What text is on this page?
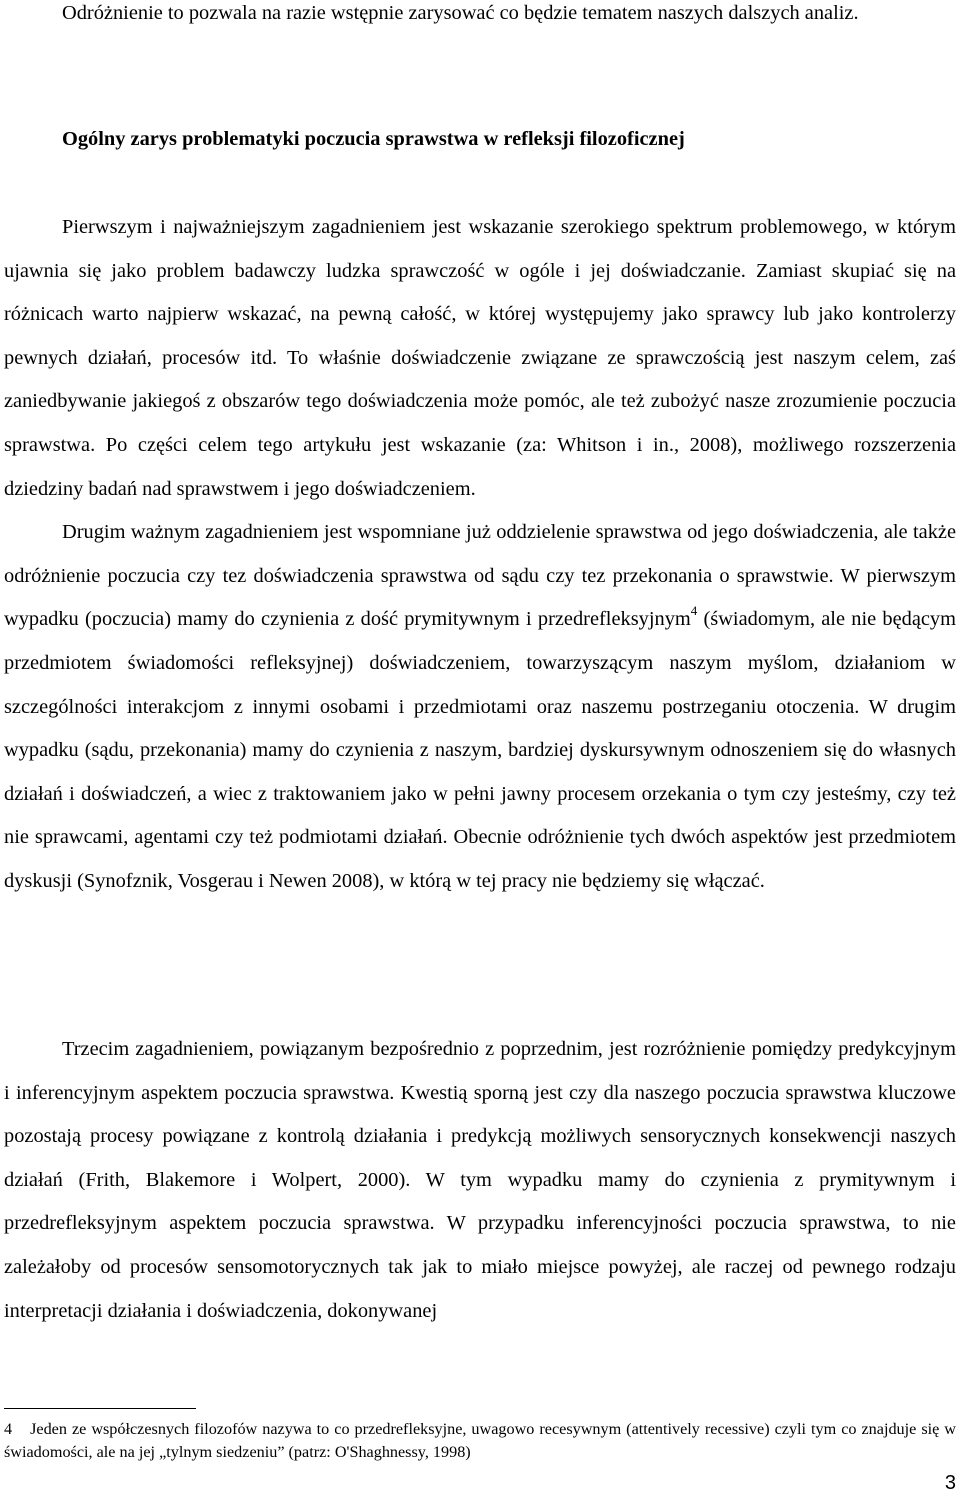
Odróżnienie to pozwala na razie wstępnie zarysować co będzie tematem naszych dalszych analiz.

Ogólny zarys problematyki poczucia sprawstwa w refleksji filozoficznej

Pierwszym i najważniejszym zagadnieniem jest wskazanie szerokiego spektrum problemowego, w którym ujawnia się jako problem badawczy ludzka sprawczość w ogóle i jej doświadczanie. Zamiast skupiać się na różnicach warto najpierw wskazać, na pewną całość, w której występujemy jako sprawcy lub jako kontrolerzy pewnych działań, procesów itd. To właśnie doświadczenie związane ze sprawczością jest naszym celem, zaś zaniedbywanie jakiegoś z obszarów tego doświadczenia może pomóc, ale też zubożyć nasze zrozumienie poczucia sprawstwa. Po części celem tego artykułu jest wskazanie (za: Whitson i in., 2008), możliwego rozszerzenia dziedziny badań nad sprawstwem i jego doświadczeniem.

Drugim ważnym zagadnieniem jest wspomniane już oddzielenie sprawstwa od jego doświadczenia, ale także odróżnienie poczucia czy tez doświadczenia sprawstwa od sądu czy tez przekonania o sprawstwie. W pierwszym wypadku (poczucia) mamy do czynienia z dość prymitywnym i przedrefleksyjnym$^4$ (świadomym, ale nie będącym przedmiotem świadomości refleksyjnej) doświadczeniem, towarzyszącym naszym myślom, działaniom w szczególności interakcjom z innymi osobami i przedmiotami oraz naszemu postrzeganiu otoczenia. W drugim wypadku (sądu, przekonania) mamy do czynienia z naszym, bardziej dyskursywnym odnoszeniem się do własnych działań i doświadczeń, a wiec z traktowaniem jako w pełni jawny procesem orzekania o tym czy jesteśmy, czy też nie sprawcami, agentami czy też podmiotami działań. Obecnie odróżnienie tych dwóch aspektów jest przedmiotem dyskusji (Synofznik, Vosgerau i Newen 2008), w którą w tej pracy nie będziemy się włączać.

Trzecim zagadnieniem, powiązanym bezpośrednio z poprzednim, jest rozróżnienie pomiędzy predykcyjnym i inferencyjnym aspektem poczucia sprawstwa. Kwestią sporną jest czy dla naszego poczucia sprawstwa kluczowe pozostają procesy powiązane z kontrolą działania i predykcją możliwych sensorycznych konsekwencji naszych działań (Frith, Blakemore i Wolpert, 2000). W tym wypadku mamy do czynienia z prymitywnym i przedrefleksyjnym aspektem poczucia sprawstwa. W przypadku inferencyjności poczucia sprawstwa, to nie zależałoby od procesów sensomotorycznych tak jak to miało miejsce powyżej, ale raczej od pewnego rodzaju interpretacji działania i doświadczenia, dokonywanej

4 Jeden ze współczesnych filozofów nazywa to co przedrefleksyjne, uwagowo recesywnym (attentively recessive) czyli tym co znajduje się w świadomości, ale na jej „tylnym siedzeniu” (patrz: O'Shaghnessy, 1998)

3
